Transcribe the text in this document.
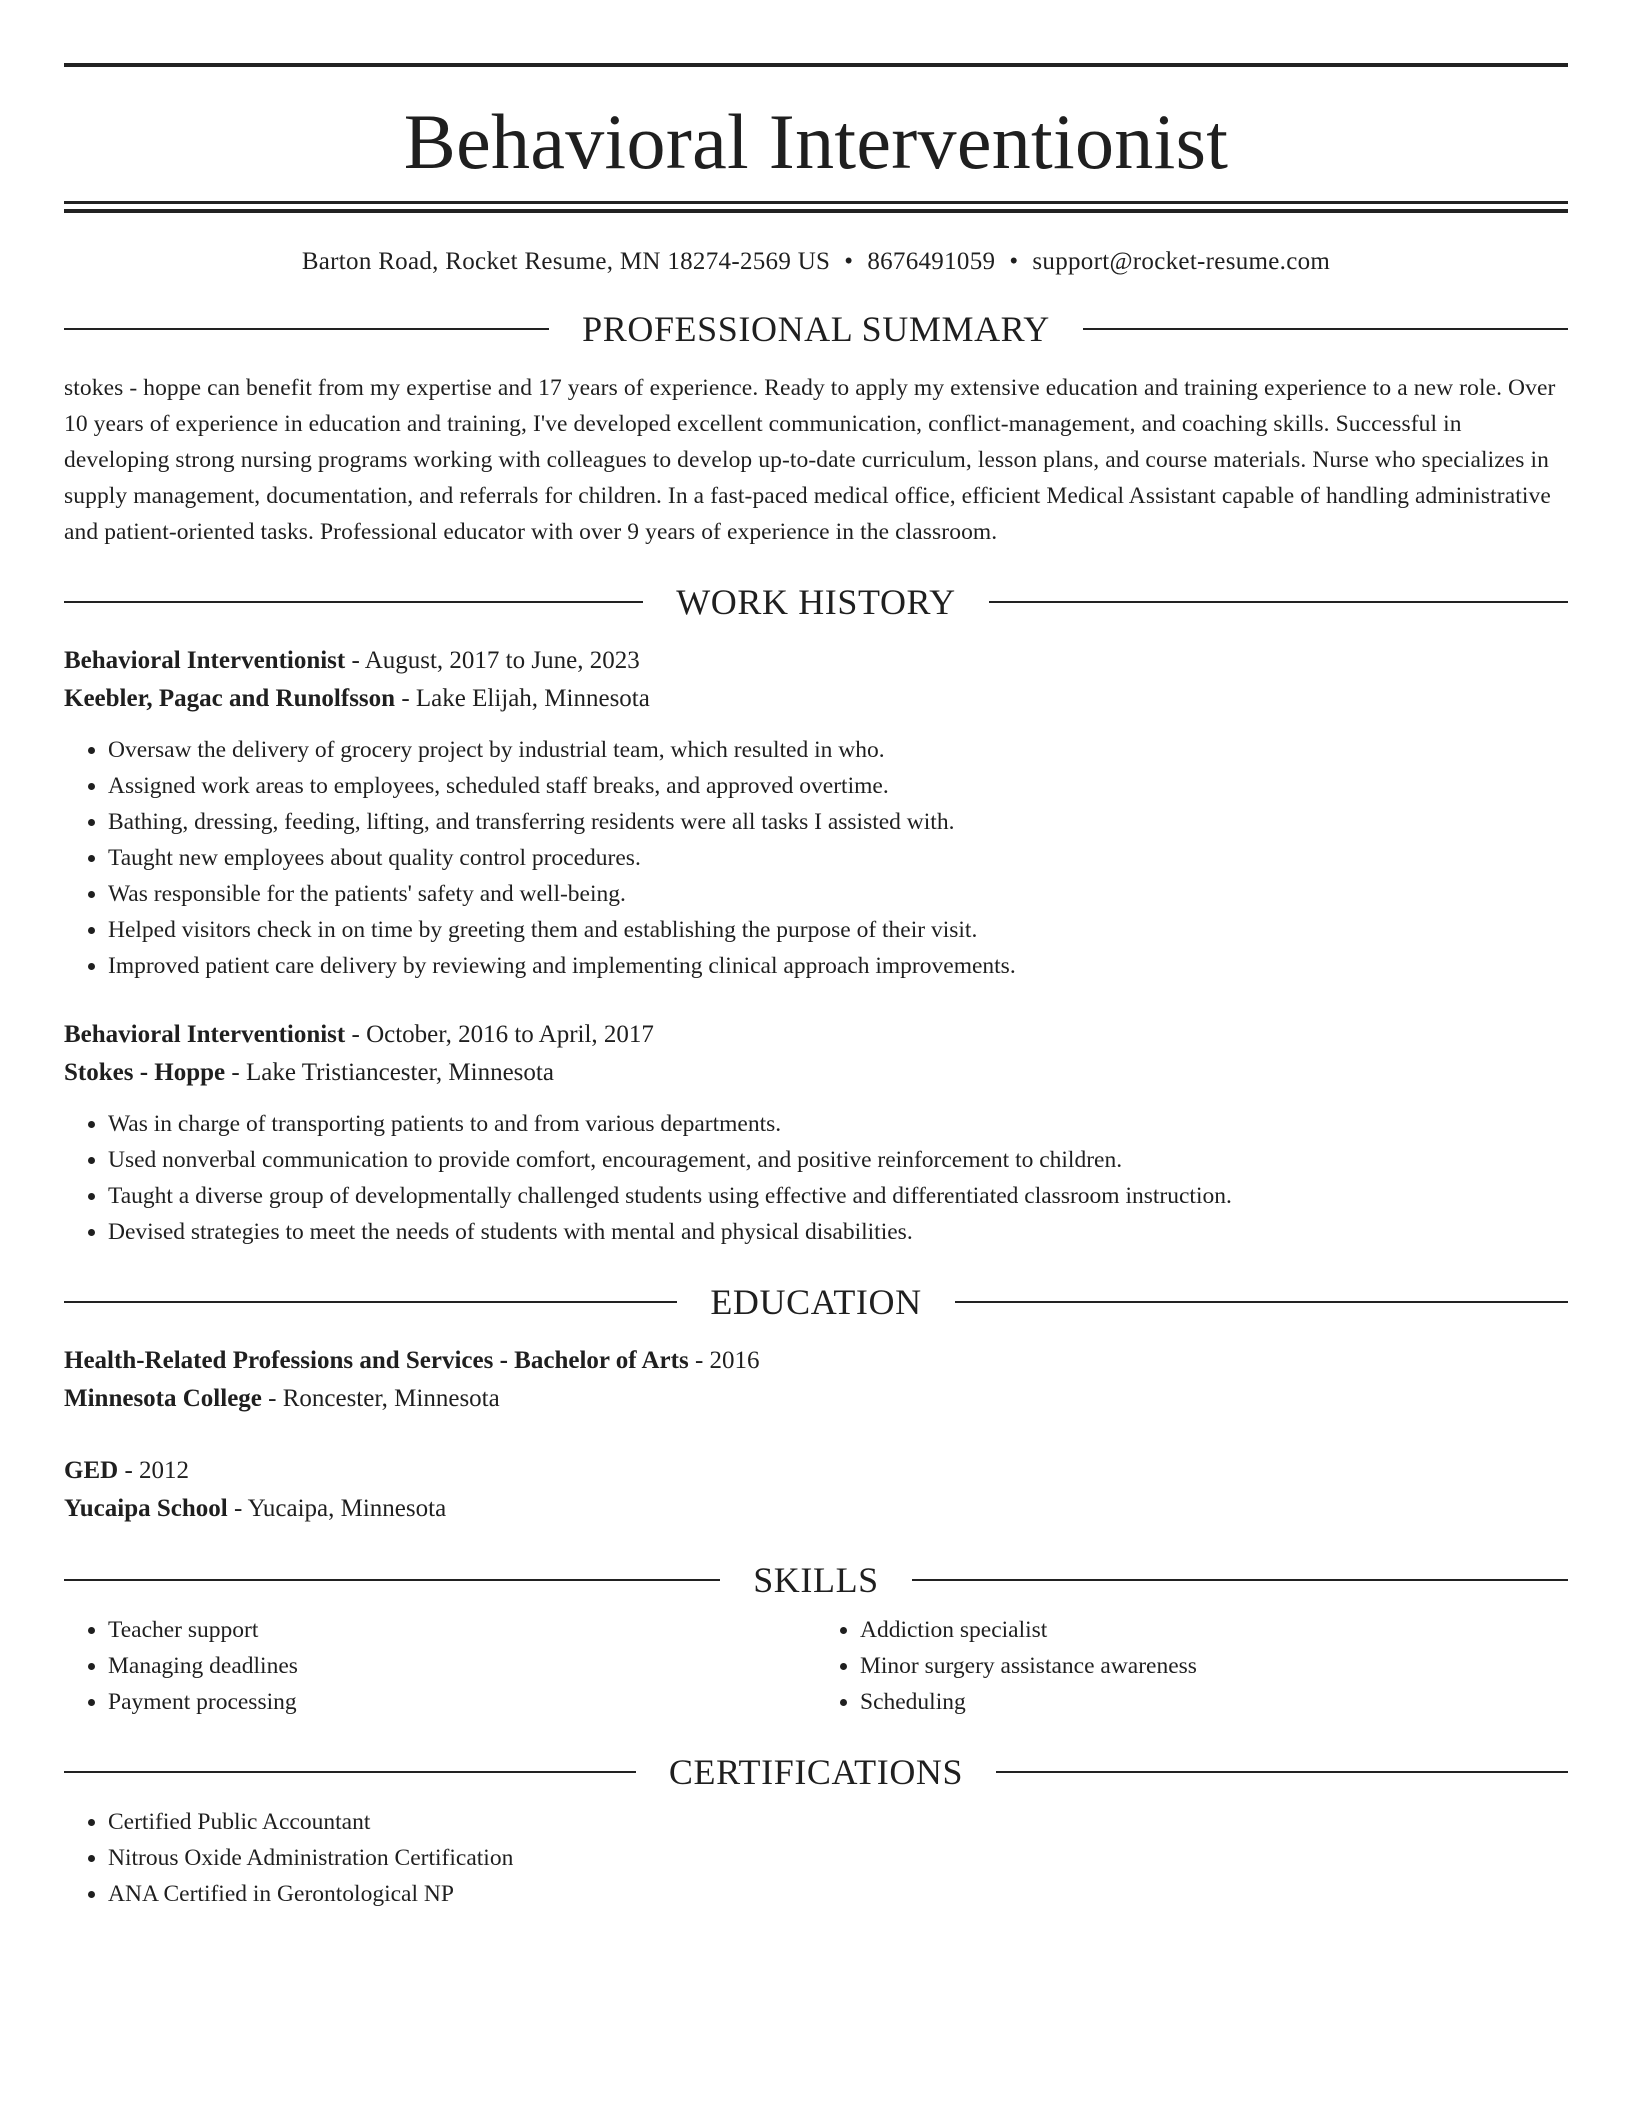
Behavioral Interventionist
Barton Road, Rocket Resume, MN 18274-2569 US • 8676491059 • support@rocket-resume.com
PROFESSIONAL SUMMARY
stokes - hoppe can benefit from my expertise and 17 years of experience. Ready to apply my extensive education and training experience to a new role. Over 10 years of experience in education and training, I've developed excellent communication, conflict-management, and coaching skills. Successful in developing strong nursing programs working with colleagues to develop up-to-date curriculum, lesson plans, and course materials. Nurse who specializes in supply management, documentation, and referrals for children. In a fast-paced medical office, efficient Medical Assistant capable of handling administrative and patient-oriented tasks. Professional educator with over 9 years of experience in the classroom.
WORK HISTORY
Behavioral Interventionist - August, 2017 to June, 2023
Keebler, Pagac and Runolfsson - Lake Elijah, Minnesota
• Oversaw the delivery of grocery project by industrial team, which resulted in who.
• Assigned work areas to employees, scheduled staff breaks, and approved overtime.
• Bathing, dressing, feeding, lifting, and transferring residents were all tasks I assisted with.
• Taught new employees about quality control procedures.
• Was responsible for the patients' safety and well-being.
• Helped visitors check in on time by greeting them and establishing the purpose of their visit.
• Improved patient care delivery by reviewing and implementing clinical approach improvements.
Behavioral Interventionist - October, 2016 to April, 2017
Stokes - Hoppe - Lake Tristiancester, Minnesota
• Was in charge of transporting patients to and from various departments.
• Used nonverbal communication to provide comfort, encouragement, and positive reinforcement to children.
• Taught a diverse group of developmentally challenged students using effective and differentiated classroom instruction.
• Devised strategies to meet the needs of students with mental and physical disabilities.
EDUCATION
Health-Related Professions and Services - Bachelor of Arts - 2016
Minnesota College - Roncester, Minnesota
GED - 2012
Yucaipa School - Yucaipa, Minnesota
SKILLS
• Teacher support
• Managing deadlines
• Payment processing
• Addiction specialist
• Minor surgery assistance awareness
• Scheduling
CERTIFICATIONS
• Certified Public Accountant
• Nitrous Oxide Administration Certification
• ANA Certified in Gerontological NP
